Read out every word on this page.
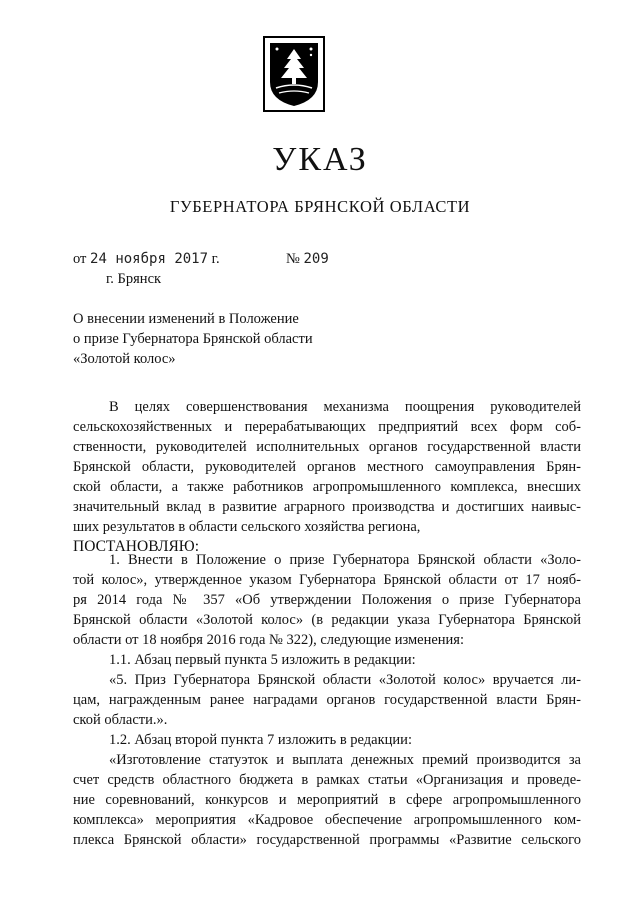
УКАЗ
ГУБЕРНАТОРА БРЯНСКОЙ ОБЛАСТИ
от 24 ноября 2017 г.	№ 209
г. Брянск
О внесении изменений в Положение
о призе Губернатора Брянской области
«Золотой колос»
В целях совершенствования механизма поощрения руководителей
сельскохозяйственных и перерабатывающих предприятий всех форм соб-
ственности, руководителей исполнительных органов государственной власти
Брянской области, руководителей органов местного самоуправления Брян-
ской области, а также работников агропромышленного комплекса, внесших
значительный вклад в развитие аграрного производства и достигших наивыс-
ших результатов в области сельского хозяйства региона,
ПОСТАНОВЛЯЮ:
1. Внести в Положение о призе Губернатора Брянской области «Золо-
той колос», утвержденное указом Губернатора Брянской области от 17 нояб-
ря 2014 года № 357 «Об утверждении Положения о призе Губернатора
Брянской области «Золотой колос» (в редакции указа Губернатора Брянской
области от 18 ноября 2016 года № 322), следующие изменения:
1.1. Абзац первый пункта 5 изложить в редакции:
«5. Приз Губернатора Брянской области «Золотой колос» вручается ли-
цам, награжденным ранее наградами органов государственной власти Брян-
ской области.».
1.2. Абзац второй пункта 7 изложить в редакции:
«Изготовление статуэток и выплата денежных премий производится за
счет средств областного бюджета в рамках статьи «Организация и проведе-
ние соревнований, конкурсов и мероприятий в сфере агропромышленного
комплекса» мероприятия «Кадровое обеспечение агропромышленного ком-
плекса Брянской области» государственной программы «Развитие сельского
